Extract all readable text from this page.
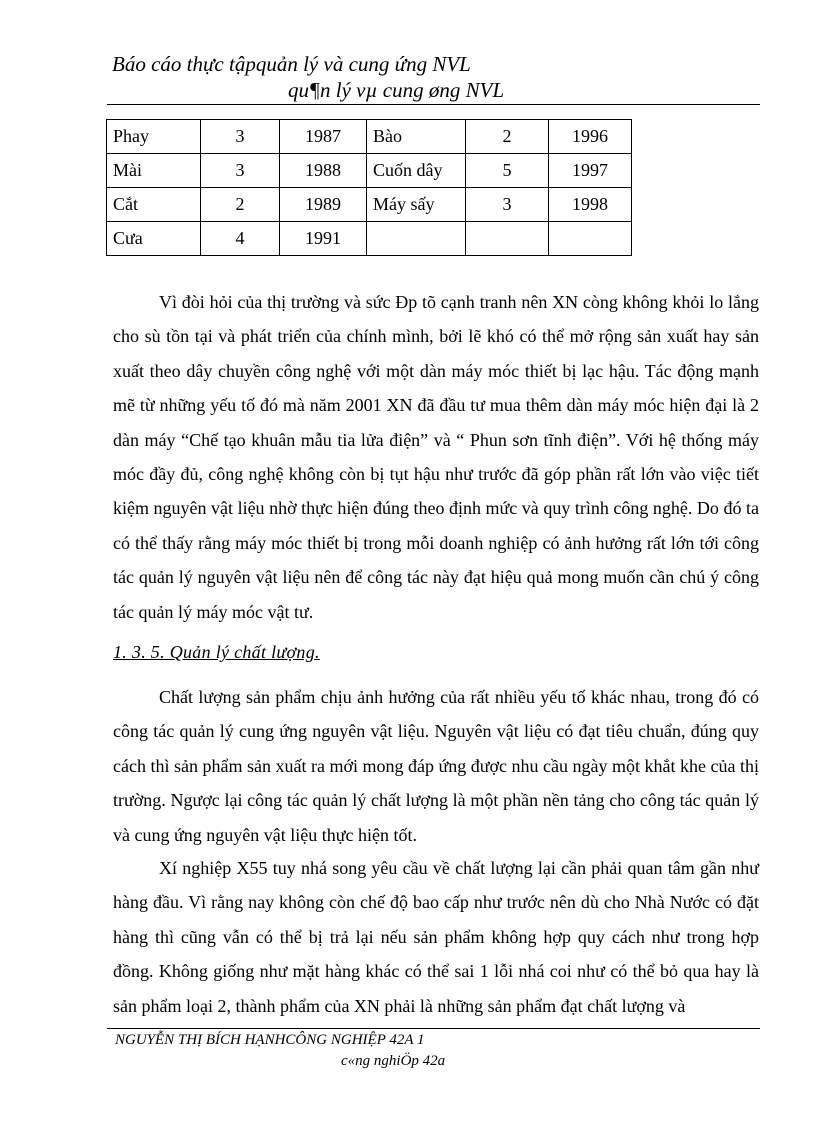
Báo cáo thực tậpquản lý và cung ứng NVL
qu¶n lý vµ cung øng NVL
Phay	3	1987	Bào	2	1996
Mài	3	1988	Cuốn dây	5	1997
Cắt	2	1989	Máy sấy	3	1998
Cưa	4	1991			

Vì đòi hỏi của thị trường và sức Ðp tõ cạnh tranh nên XN còng không khỏi lo lắng cho sù tồn tại và phát triển của chính mình, bởi lẽ khó có thể mở rộng sản xuất hay sản xuất theo dây chuyền công nghệ với một dàn máy móc thiết bị lạc hậu. Tác động mạnh mẽ từ những yếu tố đó mà năm 2001 XN đã đầu tư mua thêm dàn máy móc hiện đại là 2 dàn máy “Chế tạo khuân mẫu tia lửa điện” và “ Phun sơn tĩnh điện”. Với hệ thống máy móc đầy đủ, công nghệ không còn bị tụt hậu như trước đã góp phần rất lớn vào việc tiết kiệm nguyên vật liệu nhờ thực hiện đúng theo định mức và quy trình công nghệ. Do đó ta có thể thấy rằng máy móc thiết bị trong mỗi doanh nghiệp có ảnh hưởng rất lớn tới công tác quản lý nguyên vật liệu nên để công tác này đạt hiệu quả mong muốn cần chú ý công tác quản lý máy móc vật tư.

1. 3. 5. Quản lý chất lượng.

Chất lượng sản phẩm chịu ảnh hưởng của rất nhiều yếu tố khác nhau, trong đó có công tác quản lý cung ứng nguyên vật liệu. Nguyên vật liệu có đạt tiêu chuẩn, đúng quy cách thì sản phẩm sản xuất ra mới mong đáp ứng được nhu cầu ngày một khắt khe của thị trường. Ngược lại công tác quản lý chất lượng là một phần nền tảng cho công tác quản lý và cung ứng nguyên vật liệu thực hiện tốt.

Xí nghiệp X55 tuy nhá song yêu cầu về chất lượng lại cần phải quan tâm gần như hàng đầu. Vì rằng nay không còn chế độ bao cấp như trước nên dù cho Nhà Nước có đặt hàng thì cũng vẫn có thể bị trả lại nếu sản phẩm không hợp quy cách như trong hợp đồng. Không giống như mặt hàng khác có thể sai 1 lỗi nhá coi như có thể bỏ qua hay là sản phẩm loại 2, thành phẩm của XN phải là những sản phẩm đạt chất lượng và

NGUYỄN THỊ BÍCH HẠNHCÔNG NGHIỆP 42A 1
c«ng nghiÖp 42a
